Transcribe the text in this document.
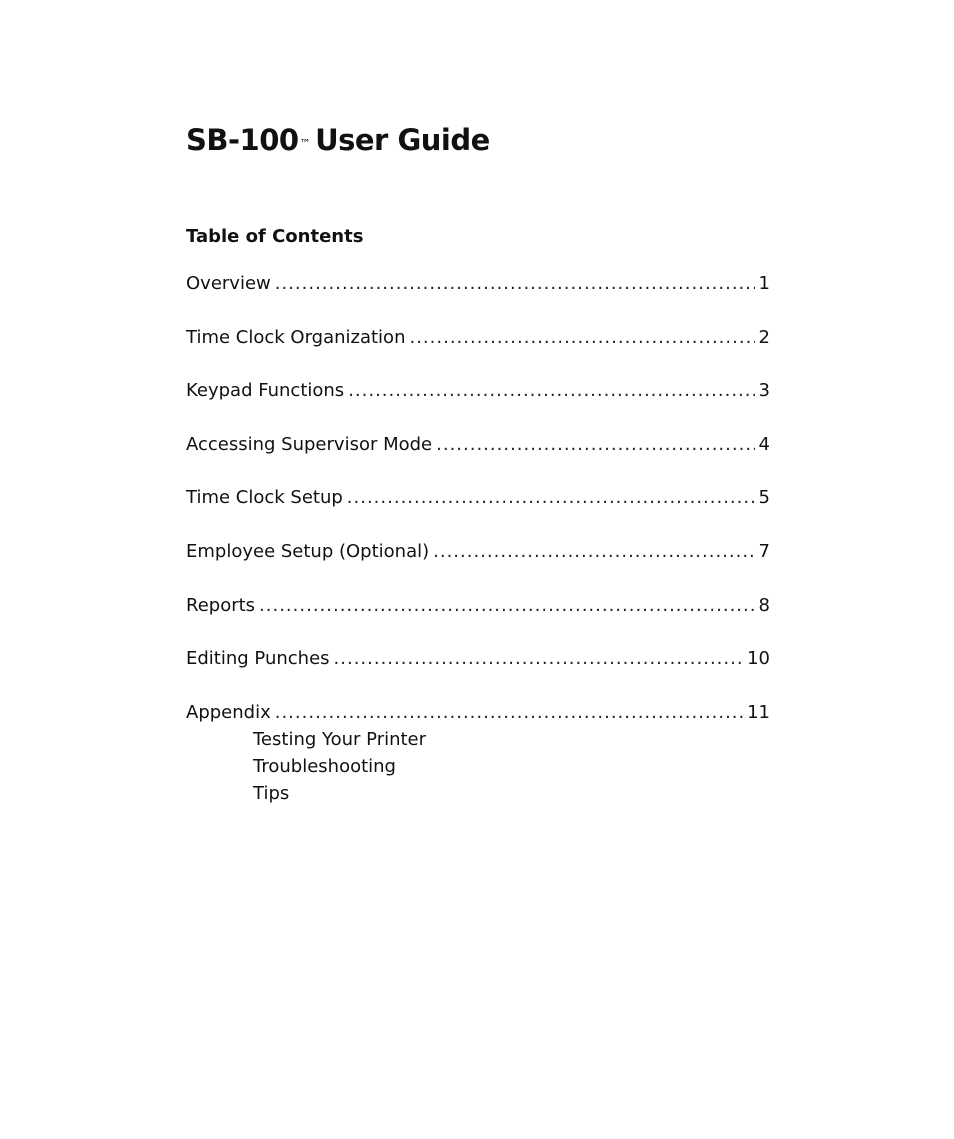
SB-100™ User Guide
Table of Contents
Overview .....	1
Time Clock Organization .....	2
Keypad Functions .....	3
Accessing Supervisor Mode .....	4
Time Clock Setup .....	5
Employee Setup (Optional) .....	7
Reports .....	8
Editing Punches .....	10
Appendix .....	11
Testing Your Printer
Troubleshooting
Tips
